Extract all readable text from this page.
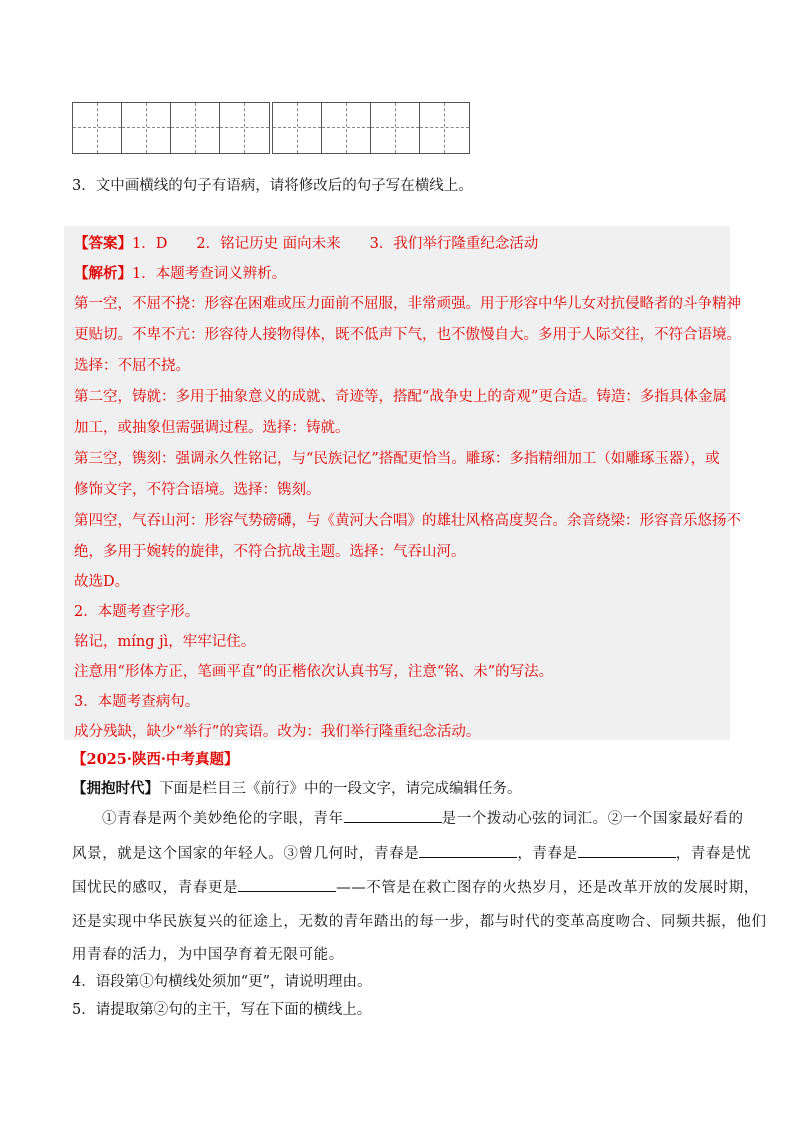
3．文中画横线的句子有语病，请将修改后的句子写在横线上。
【答案】1．D　　2．铭记历史 面向未来　　3．我们举行隆重纪念活动
【解析】1．本题考查词义辨析。
第一空，不屈不挠：形容在困难或压力面前不屈服，非常顽强。用于形容中华儿女对抗侵略者的斗争精神
更贴切。不卑不亢：形容待人接物得体，既不低声下气，也不傲慢自大。多用于人际交往，不符合语境。
选择：不屈不挠。
第二空，铸就：多用于抽象意义的成就、奇迹等，搭配“战争史上的奇观”更合适。铸造：多指具体金属
加工，或抽象但需强调过程。选择：铸就。
第三空，镌刻：强调永久性铭记，与“民族记忆”搭配更恰当。雕琢：多指精细加工（如雕琢玉器），或
修饰文字，不符合语境。选择：镌刻。
第四空，气吞山河：形容气势磅礴，与《黄河大合唱》的雄壮风格高度契合。余音绕梁：形容音乐悠扬不
绝，多用于婉转的旋律，不符合抗战主题。选择：气吞山河。
故选D。
2．本题考查字形。
铭记，míng jì，牢牢记住。
注意用“形体方正，笔画平直”的正楷依次认真书写，注意“铭、未”的写法。
3．本题考查病句。
成分残缺，缺少“举行”的宾语。改为：我们举行隆重纪念活动。
【2025·陕西·中考真题】
【拥抱时代】下面是栏目三《前行》中的一段文字，请完成编辑任务。
①青春是两个美妙绝伦的字眼，青年	是一个拨动心弦的词汇。②一个国家最好看的
风景，就是这个国家的年轻人。③曾几何时，青春是	，青春是	，青春是忧
国忧民的感叹，青春更是	——不管是在救亡图存的火热岁月，还是改革开放的发展时期，
还是实现中华民族复兴的征途上，无数的青年踏出的每一步，都与时代的变革高度吻合、同频共振，他们
用青春的活力，为中国孕育着无限可能。
4．语段第①句横线处须加“更”，请说明理由。
5．请提取第②句的主干，写在下面的横线上。
